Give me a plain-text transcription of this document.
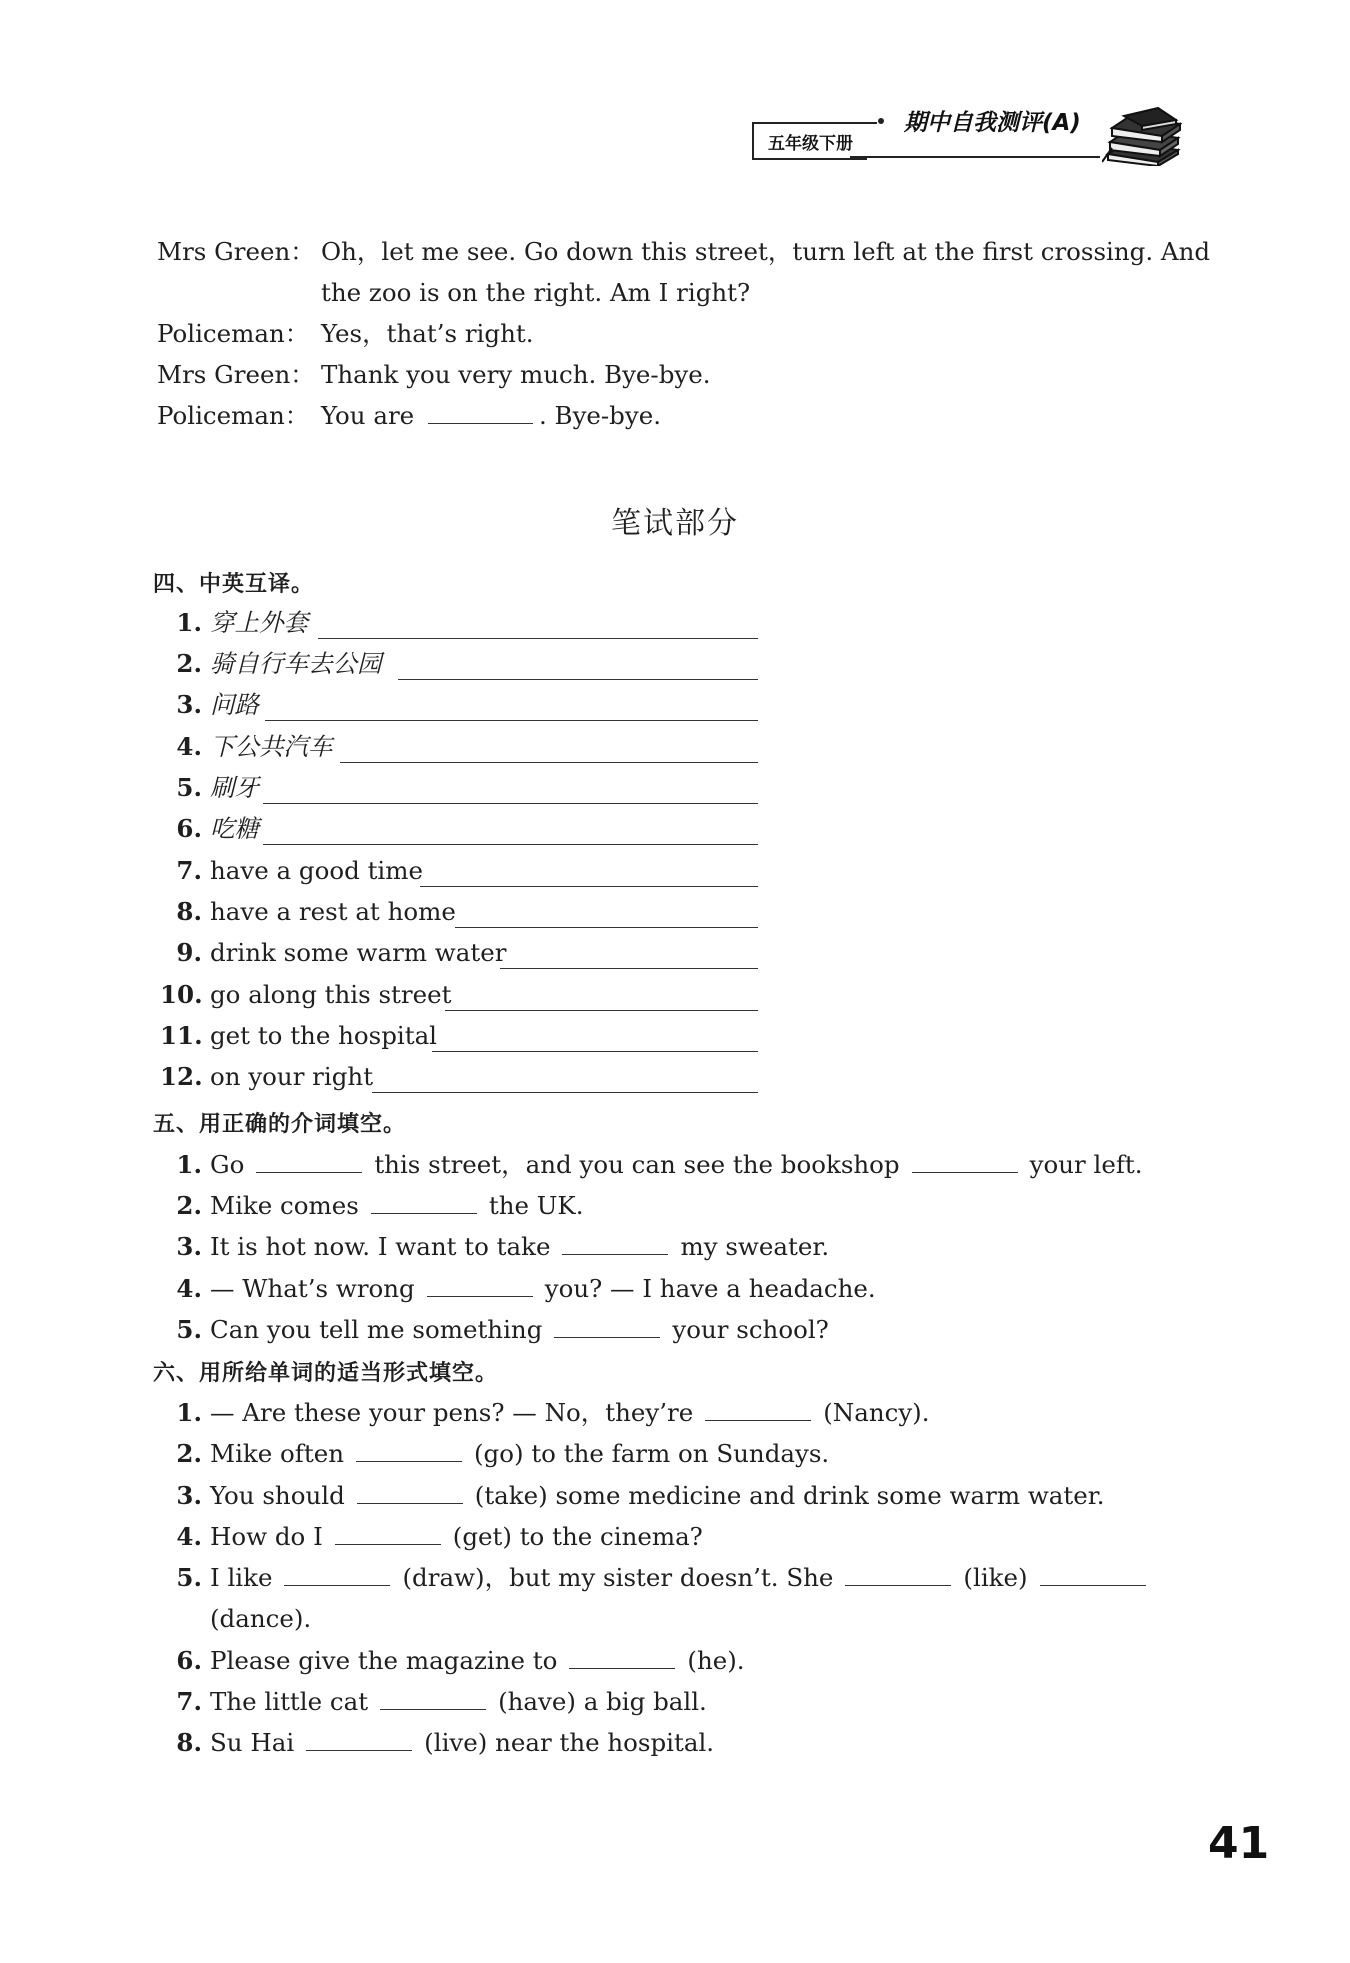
五年级下册
期中自我测评(A)
Mrs Green： Oh，let me see. Go down this street，turn left at the first crossing. And
the zoo is on the right. Am I right?
Policeman： Yes，that’s right.
Mrs Green： Thank you very much. Bye-bye.
Policeman： You are	. Bye-bye.
笔试部分
四、中英互译。
1. 穿上外套
2. 骑自行车去公园
3. 问路
4. 下公共汽车
5. 刷牙
6. 吃糖
7. have a good time
8. have a rest at home
9. drink some warm water
10. go along this street
11. get to the hospital
12. on your right
五、用正确的介词填空。
1. Go	this street，and you can see the bookshop	your left.
2. Mike comes	the UK.
3. It is hot now. I want to take	my sweater.
4. — What’s wrong	you? — I have a headache.
5. Can you tell me something	your school?
六、用所给单词的适当形式填空。
1. — Are these your pens? — No，they’re	(Nancy).
2. Mike often	(go) to the farm on Sundays.
3. You should	(take) some medicine and drink some warm water.
4. How do I	(get) to the cinema?
5. I like	(draw)，but my sister doesn’t. She	(like)
(dance).
6. Please give the magazine to	(he).
7. The little cat	(have) a big ball.
8. Su Hai	(live) near the hospital.
41
